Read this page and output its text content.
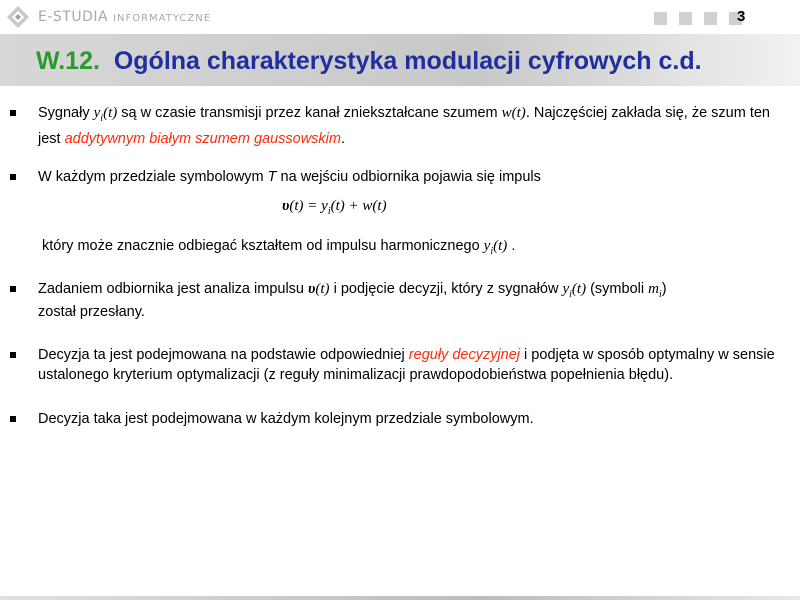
E-STUDIA INFORMATYCZNE	3
W.12. Ogólna charakterystyka modulacji cyfrowych c.d.
Sygnały $y_i(t)$ są w czasie transmisji przez kanał zniekształcane szumem w(t). Najczęściej zakłada się, że szum ten jest addytywnym białym szumem gaussowskim.
W każdym przedziale symbolowym T na wejściu odbiornika pojawia się impuls
$\upsilon(t) = y_i(t) + w(t)$
który może znacznie odbiegać kształtem od impulsu harmonicznego $y_i(t)$ .
Zadaniem odbiornika jest analiza impulsu υ(t) i podjęcie decyzji, który z sygnałów $y_i(t)$ (symboli $m_i$)
został przesłany.
Decyzja ta jest podejmowana na podstawie odpowiedniej reguły decyzyjnej i podjęta w sposób optymalny w sensie ustalonego kryterium optymalizacji (z reguły minimalizacji prawdopodobieństwa popełnienia błędu).
Decyzja taka jest podejmowana w każdym kolejnym przedziale symbolowym.
